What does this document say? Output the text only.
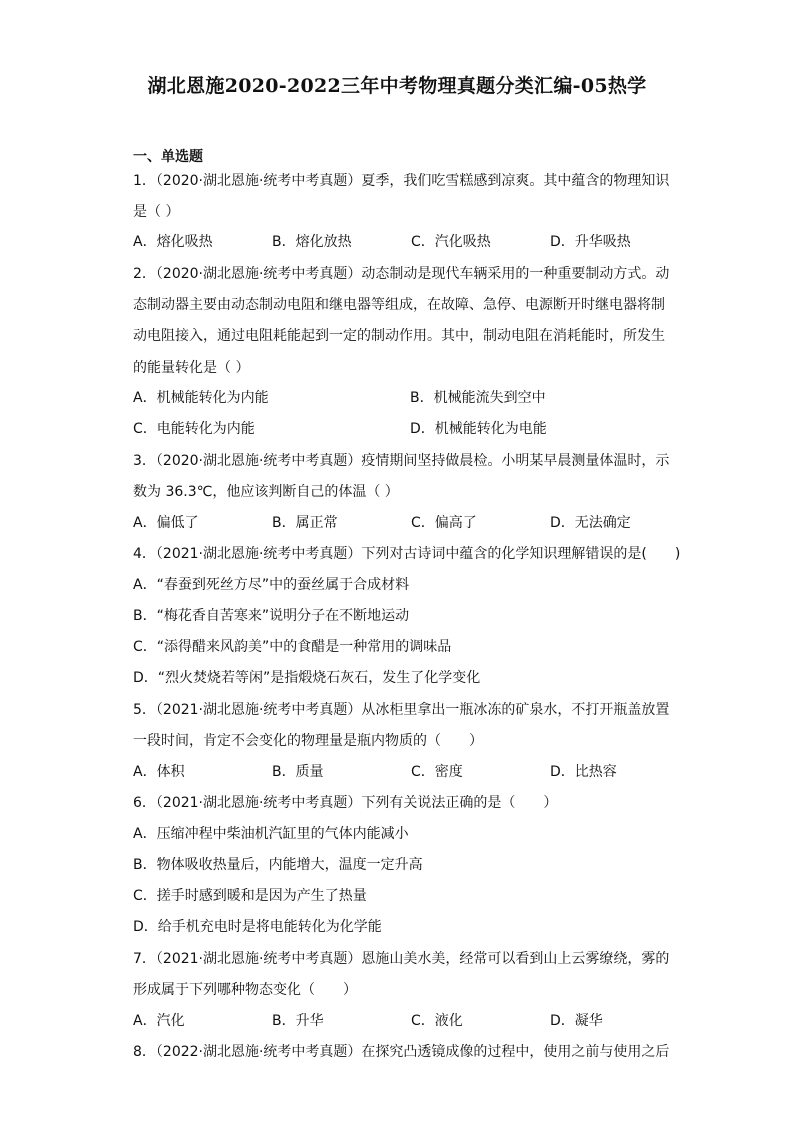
湖北恩施2020-2022三年中考物理真题分类汇编-05热学
一、单选题
1．（2020·湖北恩施·统考中考真题）夏季，我们吃雪糕感到凉爽。其中蕴含的物理知识是（ ）
A．熔化吸热	B．熔化放热	C．汽化吸热	D．升华吸热
2．（2020·湖北恩施·统考中考真题）动态制动是现代车辆采用的一种重要制动方式。动态制动器主要由动态制动电阻和继电器等组成，在故障、急停、电源断开时继电器将制动电阻接入，通过电阻耗能起到一定的制动作用。其中，制动电阻在消耗能时，所发生的能量转化是（ ）
A．机械能转化为内能	B．机械能流失到空中
C．电能转化为内能	D．机械能转化为电能
3．（2020·湖北恩施·统考中考真题）疫情期间坚持做晨检。小明某早晨测量体温时，示数为 36.3℃，他应该判断自己的体温（ ）
A．偏低了	B．属正常	C．偏高了	D．无法确定
4．（2021·湖北恩施·统考中考真题）下列对古诗词中蕴含的化学知识理解错误的是(　　)
A．“春蚕到死丝方尽”中的蚕丝属于合成材料
B．“梅花香自苦寒来”说明分子在不断地运动
C．“添得醋来风韵美”中的食醋是一种常用的调味品
D．“烈火焚烧若等闲”是指煅烧石灰石，发生了化学变化
5．（2021·湖北恩施·统考中考真题）从冰柜里拿出一瓶冰冻的矿泉水，不打开瓶盖放置一段时间，肯定不会变化的物理量是瓶内物质的（　　）
A．体积	B．质量	C．密度	D．比热容
6．（2021·湖北恩施·统考中考真题）下列有关说法正确的是（　　）
A．压缩冲程中柴油机汽缸里的气体内能减小
B．物体吸收热量后，内能增大，温度一定升高
C．搓手时感到暖和是因为产生了热量
D．给手机充电时是将电能转化为化学能
7．（2021·湖北恩施·统考中考真题）恩施山美水美，经常可以看到山上云雾缭绕，雾的形成属于下列哪种物态变化（　　）
A．汽化	B．升华	C．液化	D．凝华
8．（2022·湖北恩施·统考中考真题）在探究凸透镜成像的过程中，使用之前与使用之后
